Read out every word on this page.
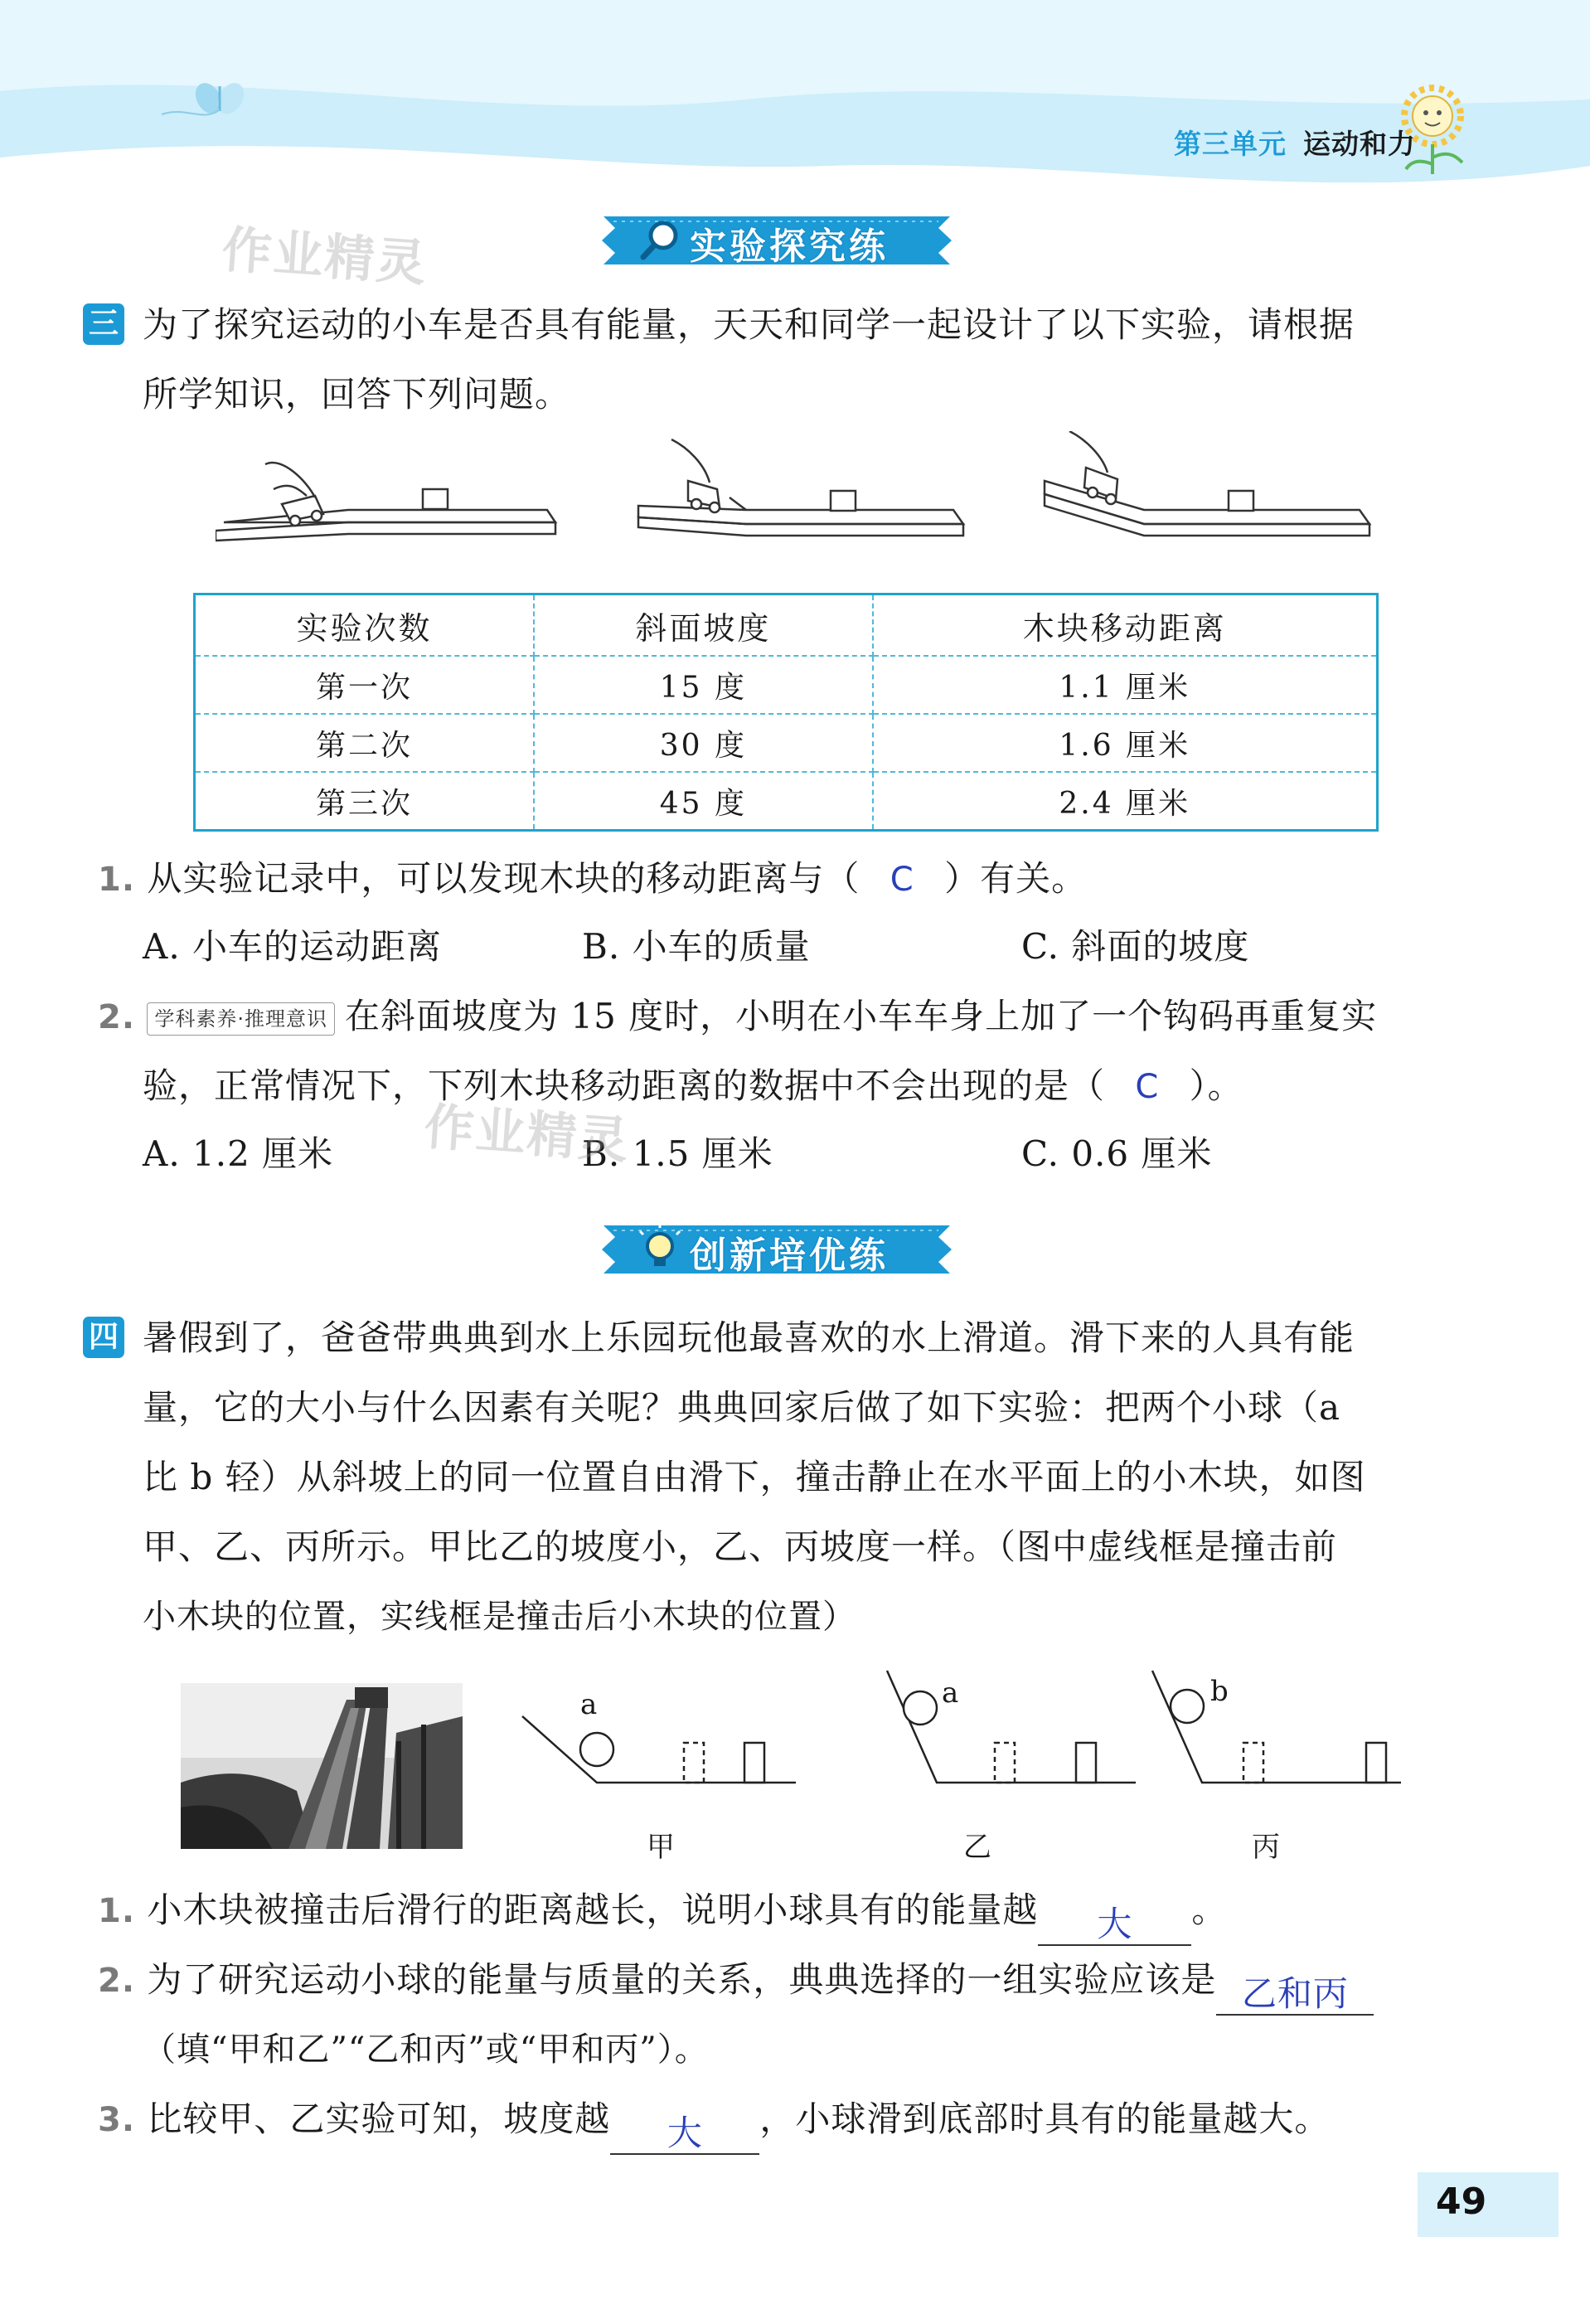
第三单元 运动和力
作业精灵	实验探究练
三 为了探究运动的小车是否具有能量，天天和同学一起设计了以下实验，请根据
所学知识，回答下列问题。
实验次数	斜面坡度	木块移动距离
第一次	15 度	1.1 厘米
第二次	30 度	1.6 厘米
第三次	45 度	2.4 厘米
1. 从实验记录中，可以发现木块的移动距离与（ C ）有关。
A. 小车的运动距离	B. 小车的质量	C. 斜面的坡度
2. 学科素养·推理意识 在斜面坡度为 15 度时，小明在小车车身上加了一个钩码再重复实
验，正常情况下，下列木块移动距离的数据中不会出现的是（ C ）。
A. 1.2 厘米	B. 1.5 厘米	C. 0.6 厘米
作业精灵
创新培优练
四 暑假到了，爸爸带典典到水上乐园玩他最喜欢的水上滑道。滑下来的人具有能
量，它的大小与什么因素有关呢？典典回家后做了如下实验：把两个小球（a
比 b 轻）从斜坡上的同一位置自由滑下，撞击静止在水平面上的小木块，如图
甲、乙、丙所示。甲比乙的坡度小，乙、丙坡度一样。（图中虚线框是撞击前
小木块的位置，实线框是撞击后小木块的位置）
a	a	b
甲	乙	丙
1. 小木块被撞击后滑行的距离越长，说明小球具有的能量越 大 。
2. 为了研究运动小球的能量与质量的关系，典典选择的一组实验应该是 乙和丙
（填“甲和乙”“乙和丙”或“甲和丙”）。
3. 比较甲、乙实验可知，坡度越 大 ，小球滑到底部时具有的能量越大。
49
